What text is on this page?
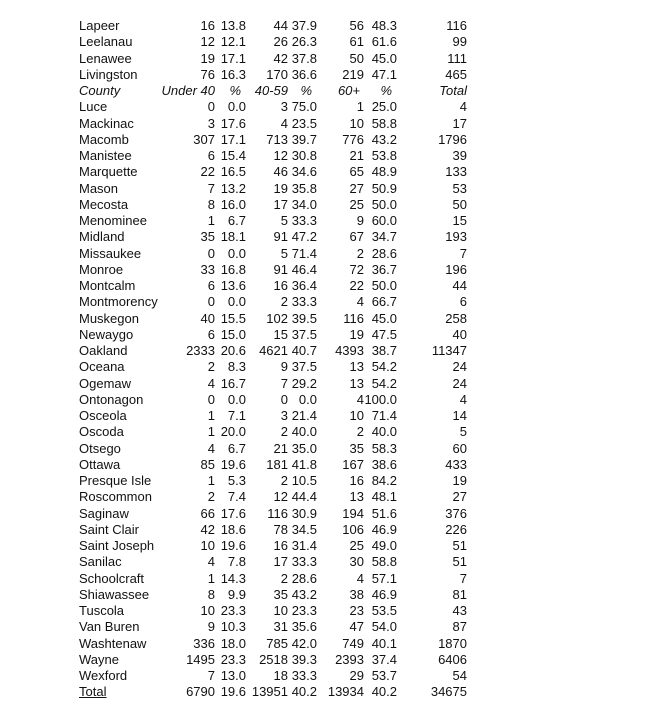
Lapeer	16	13.8	44	37.9	56	48.3	116
Leelanau	12	12.1	26	26.3	61	61.6	99
Lenawee	19	17.1	42	37.8	50	45.0	111
Livingston	76	16.3	170	36.6	219	47.1	465
County	Under 40	%	40-59	%	60+	%	Total
Luce	0	0.0	3	75.0	1	25.0	4
Mackinac	3	17.6	4	23.5	10	58.8	17
Macomb	307	17.1	713	39.7	776	43.2	1796
Manistee	6	15.4	12	30.8	21	53.8	39
Marquette	22	16.5	46	34.6	65	48.9	133
Mason	7	13.2	19	35.8	27	50.9	53
Mecosta	8	16.0	17	34.0	25	50.0	50
Menominee	1	6.7	5	33.3	9	60.0	15
Midland	35	18.1	91	47.2	67	34.7	193
Missaukee	0	0.0	5	71.4	2	28.6	7
Monroe	33	16.8	91	46.4	72	36.7	196
Montcalm	6	13.6	16	36.4	22	50.0	44
Montmorency	0	0.0	2	33.3	4	66.7	6
Muskegon	40	15.5	102	39.5	116	45.0	258
Newaygo	6	15.0	15	37.5	19	47.5	40
Oakland	2333	20.6	4621	40.7	4393	38.7	11347
Oceana	2	8.3	9	37.5	13	54.2	24
Ogemaw	4	16.7	7	29.2	13	54.2	24
Ontonagon	0	0.0	0	0.0	4	100.0	4
Osceola	1	7.1	3	21.4	10	71.4	14
Oscoda	1	20.0	2	40.0	2	40.0	5
Otsego	4	6.7	21	35.0	35	58.3	60
Ottawa	85	19.6	181	41.8	167	38.6	433
Presque Isle	1	5.3	2	10.5	16	84.2	19
Roscommon	2	7.4	12	44.4	13	48.1	27
Saginaw	66	17.6	116	30.9	194	51.6	376
Saint Clair	42	18.6	78	34.5	106	46.9	226
Saint Joseph	10	19.6	16	31.4	25	49.0	51
Sanilac	4	7.8	17	33.3	30	58.8	51
Schoolcraft	1	14.3	2	28.6	4	57.1	7
Shiawassee	8	9.9	35	43.2	38	46.9	81
Tuscola	10	23.3	10	23.3	23	53.5	43
Van Buren	9	10.3	31	35.6	47	54.0	87
Washtenaw	336	18.0	785	42.0	749	40.1	1870
Wayne	1495	23.3	2518	39.3	2393	37.4	6406
Wexford	7	13.0	18	33.3	29	53.7	54
Total	6790	19.6	13951	40.2	13934	40.2	34675
